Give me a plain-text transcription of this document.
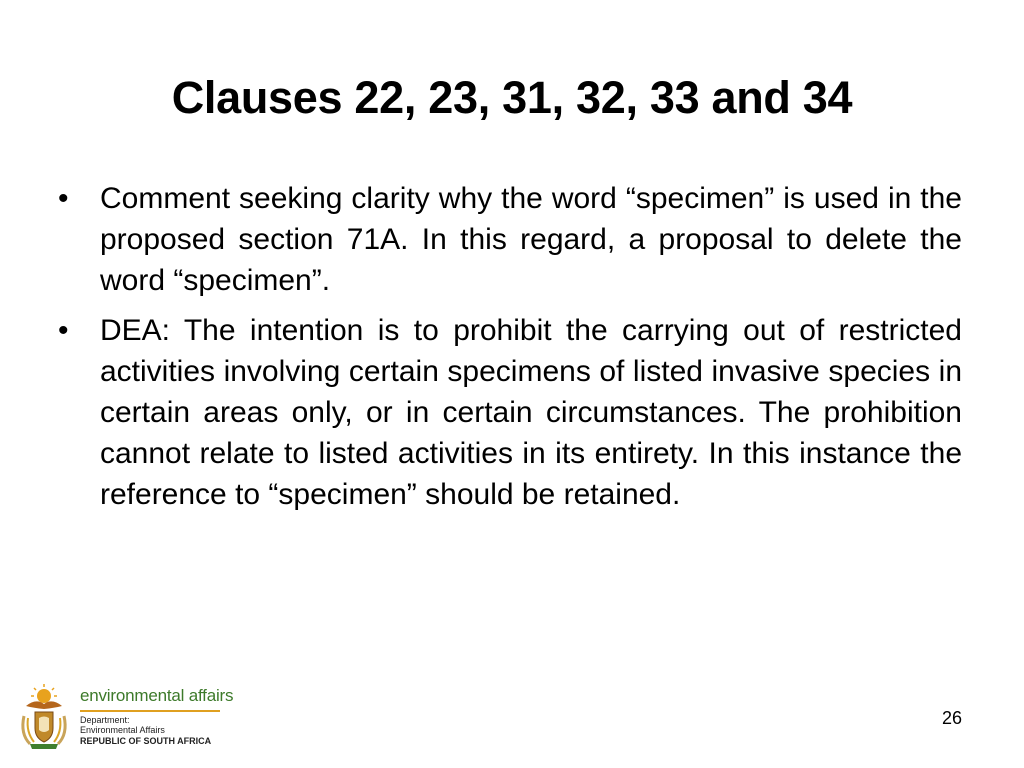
Clauses 22, 23, 31, 32, 33 and 34
•	Comment seeking clarity why the word “specimen” is used in the proposed section 71A. In this regard, a proposal to delete the word “specimen”.
•	DEA: The intention is to prohibit the carrying out of restricted activities involving certain specimens of listed invasive species in certain areas only, or in certain circumstances. The prohibition cannot relate to listed activities in its entirety. In this instance the reference to “specimen” should be retained.
environmental affairs
Department:
Environmental Affairs
REPUBLIC OF SOUTH AFRICA
26
